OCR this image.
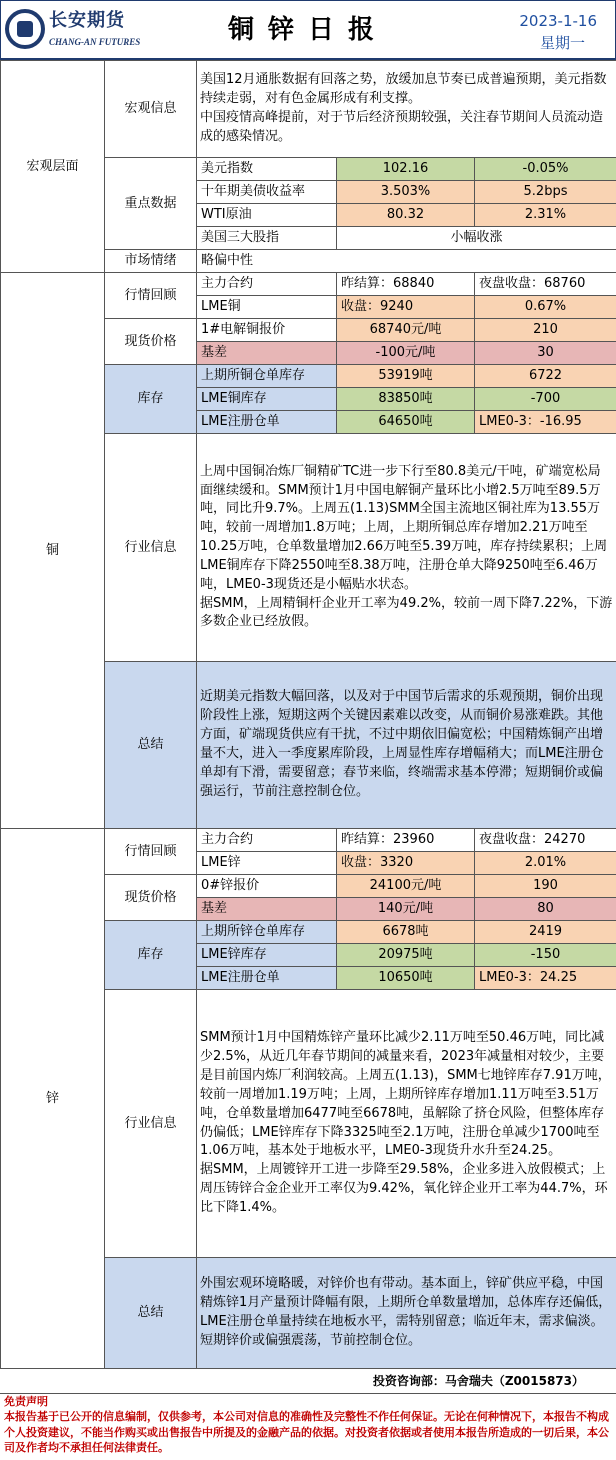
长安期货
CHANG-AN FUTURES	铜锌日报	2023-1-16
星期一
宏观层面	宏观信息	美国12月通胀数据有回落之势，放缓加息节奏已成普遍预期，美元指数持续走弱，对有色金属形成有利支撑。
中国疫情高峰提前，对于节后经济预期较强，关注春节期间人员流动造成的感染情况。		
	重点数据	美元指数	102.16	-0.05%
		十年期美债收益率	3.503%	5.2bps
		WTI原油	80.32	2.31%
		美国三大股指	小幅收涨	
	市场情绪	略偏中性		

铜	行情回顾	主力合约	昨结算：68840	夜盘收盘：68760
		LME铜	收盘：9240	0.67%
	现货价格	1#电解铜报价	68740元/吨	210
		基差	-100元/吨	30
	库存	上期所铜仓单库存	53919吨	6722
		LME铜库存	83850吨	-700
		LME注册仓单	64650吨	LME0-3：-16.95
	行业信息	上周中国铜冶炼厂铜精矿TC进一步下行至80.8美元/干吨，矿端宽松局面继续缓和。SMM预计1月中国电解铜产量环比小增2.5万吨至89.5万吨，同比升9.7%。上周五(1.13)SMM全国主流地区铜社库为13.55万吨，较前一周增加1.8万吨；上周，上期所铜总库存增加2.21万吨至10.25万吨，仓单数量增加2.66万吨至5.39万吨，库存持续累积；上周LME铜库存下降2550吨至8.38万吨，注册仓单大降9250吨至6.46万吨，LME0-3现货还是小幅贴水状态。
据SMM，上周精铜杆企业开工率为49.2%，较前一周下降7.22%，下游多数企业已经放假。		
	总结	近期美元指数大幅回落，以及对于中国节后需求的乐观预期，铜价出现阶段性上涨，短期这两个关键因素难以改变，从而铜价易涨难跌。其他方面，矿端现货供应有干扰，不过中期依旧偏宽松；中国精炼铜产出增量不大，进入一季度累库阶段，上周显性库存增幅稍大；而LME注册仓单却有下滑，需要留意；春节来临，终端需求基本停滞；短期铜价或偏强运行，节前注意控制仓位。		

锌	行情回顾	主力合约	昨结算：23960	夜盘收盘：24270
		LME锌	收盘：3320	2.01%
	现货价格	0#锌报价	24100元/吨	190
		基差	140元/吨	80
	库存	上期所锌仓单库存	6678吨	2419
		LME锌库存	20975吨	-150
		LME注册仓单	10650吨	LME0-3：24.25
	行业信息	SMM预计1月中国精炼锌产量环比减少2.11万吨至50.46万吨，同比减少2.5%，从近几年春节期间的减量来看，2023年减量相对较少，主要是目前国内炼厂利润较高。上周五(1.13)，SMM七地锌库存7.91万吨，较前一周增加1.19万吨；上周，上期所锌库存增加1.11万吨至3.51万吨，仓单数量增加6477吨至6678吨，虽解除了挤仓风险，但整体库存仍偏低；LME锌库存下降3325吨至2.1万吨，注册仓单减少1700吨至1.06万吨，基本处于地板水平，LME0-3现货升水升至24.25。
据SMM，上周镀锌开工进一步降至29.58%，企业多进入放假模式；上周压铸锌合金企业开工率仅为9.42%，氧化锌企业开工率为44.7%，环比下降1.4%。		
	总结	外围宏观环境略暖，对锌价也有带动。基本面上，锌矿供应平稳，中国精炼锌1月产量预计降幅有限，上期所仓单数量增加，总体库存还偏低，LME注册仓单量持续在地板水平，需特别留意；临近年末，需求偏淡。短期锌价或偏强震荡，节前控制仓位。		
投资咨询部：马舍瑞夫（Z0015873）
免责声明
本报告基于已公开的信息编制，仅供参考，本公司对信息的准确性及完整性不作任何保证。无论在何种情况下，本报告不构成个人投资建议，不能当作购买或出售报告中所提及的金融产品的依据。对投资者依据或者使用本报告所造成的一切后果，本公司及作者均不承担任何法律责任。
